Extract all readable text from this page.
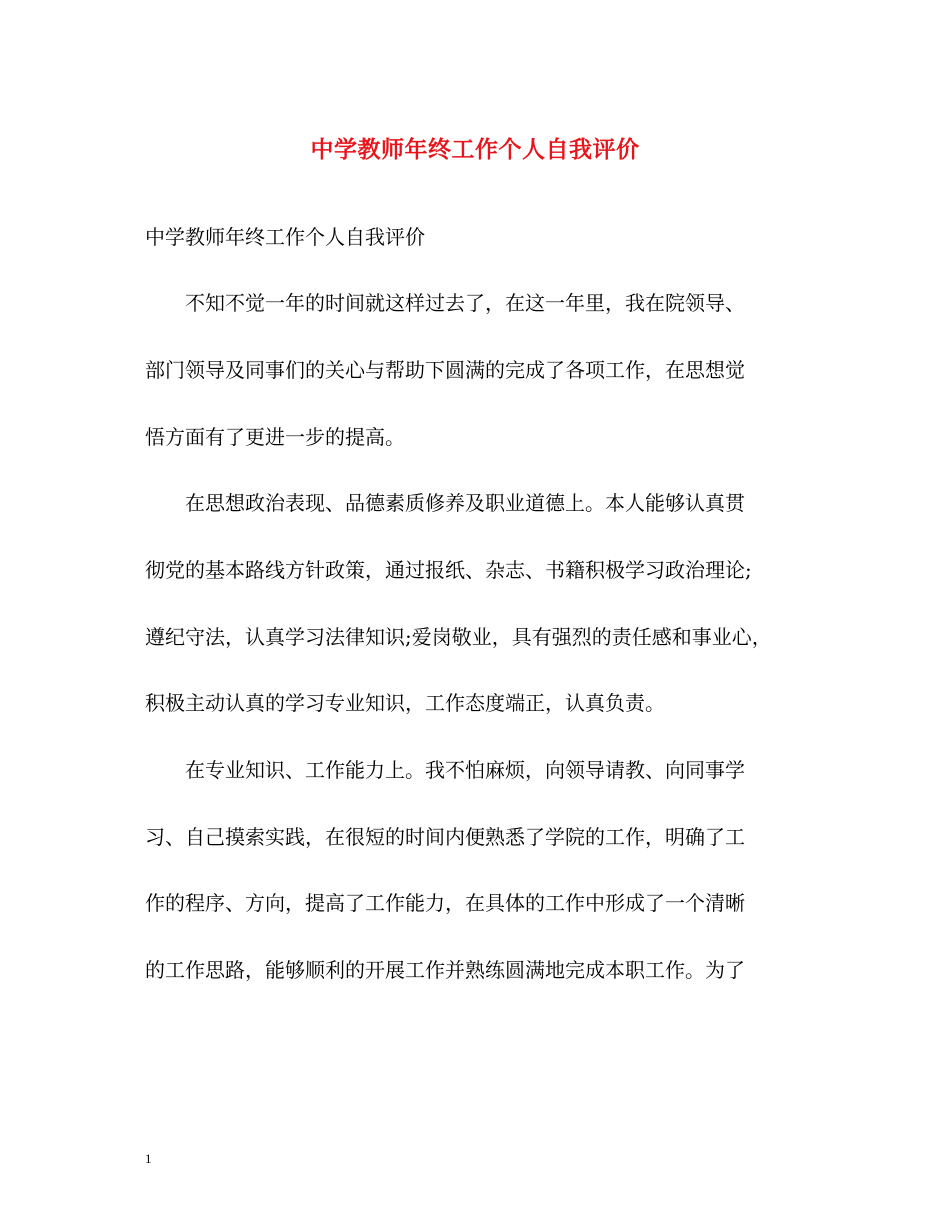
中学教师年终工作个人自我评价

中学教师年终工作个人自我评价

不知不觉一年的时间就这样过去了，在这一年里，我在院领导、

部门领导及同事们的关心与帮助下圆满的完成了各项工作，在思想觉

悟方面有了更进一步的提高。

在思想政治表现、品德素质修养及职业道德上。本人能够认真贯

彻党的基本路线方针政策，通过报纸、杂志、书籍积极学习政治理论;

遵纪守法，认真学习法律知识;爱岗敬业，具有强烈的责任感和事业心，

积极主动认真的学习专业知识，工作态度端正，认真负责。

在专业知识、工作能力上。我不怕麻烦，向领导请教、向同事学

习、自己摸索实践，在很短的时间内便熟悉了学院的工作，明确了工

作的程序、方向，提高了工作能力，在具体的工作中形成了一个清晰

的工作思路，能够顺利的开展工作并熟练圆满地完成本职工作。为了

1
